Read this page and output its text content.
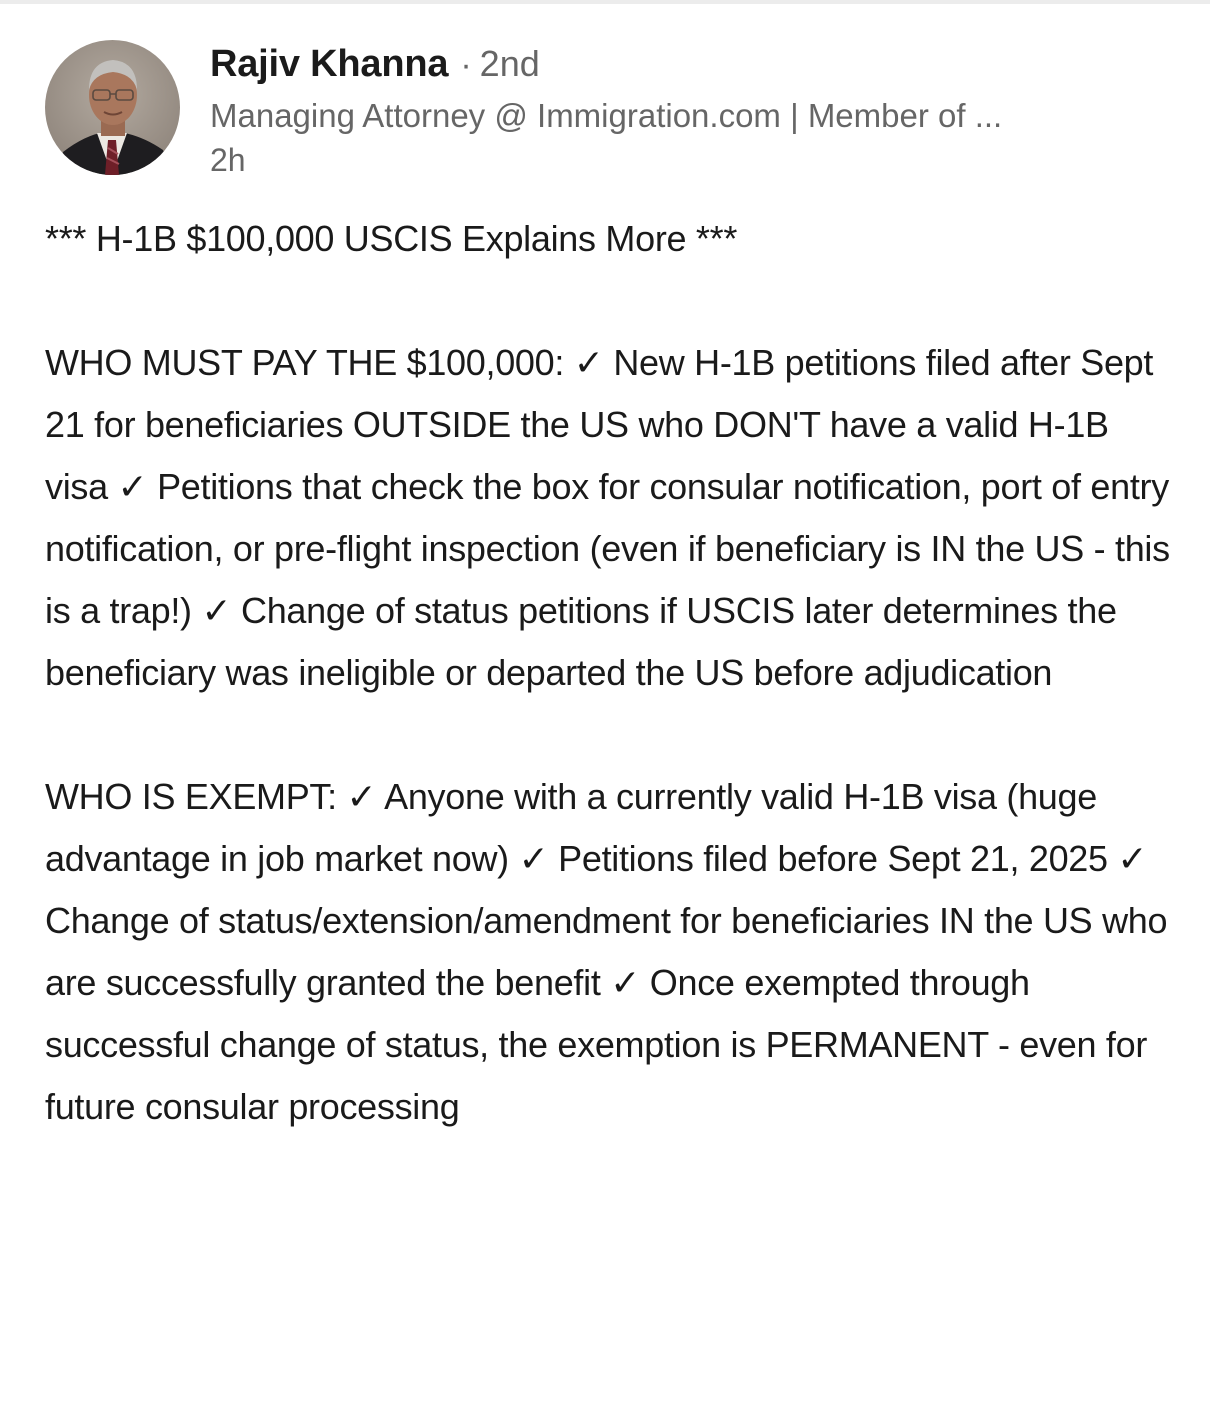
Rajiv Khanna · 2nd
Managing Attorney @ Immigration.com | Member of ...
2h

*** H-1B $100,000 USCIS Explains More ***

WHO MUST PAY THE $100,000: ✓ New H-1B petitions filed after Sept 21 for beneficiaries OUTSIDE the US who DON'T have a valid H-1B visa ✓ Petitions that check the box for consular notification, port of entry notification, or pre-flight inspection (even if beneficiary is IN the US - this is a trap!) ✓ Change of status petitions if USCIS later determines the beneficiary was ineligible or departed the US before adjudication

WHO IS EXEMPT: ✓ Anyone with a currently valid H-1B visa (huge advantage in job market now) ✓ Petitions filed before Sept 21, 2025 ✓ Change of status/extension/amendment for beneficiaries IN the US who are successfully granted the benefit ✓ Once exempted through successful change of status, the exemption is PERMANENT - even for future consular processing
